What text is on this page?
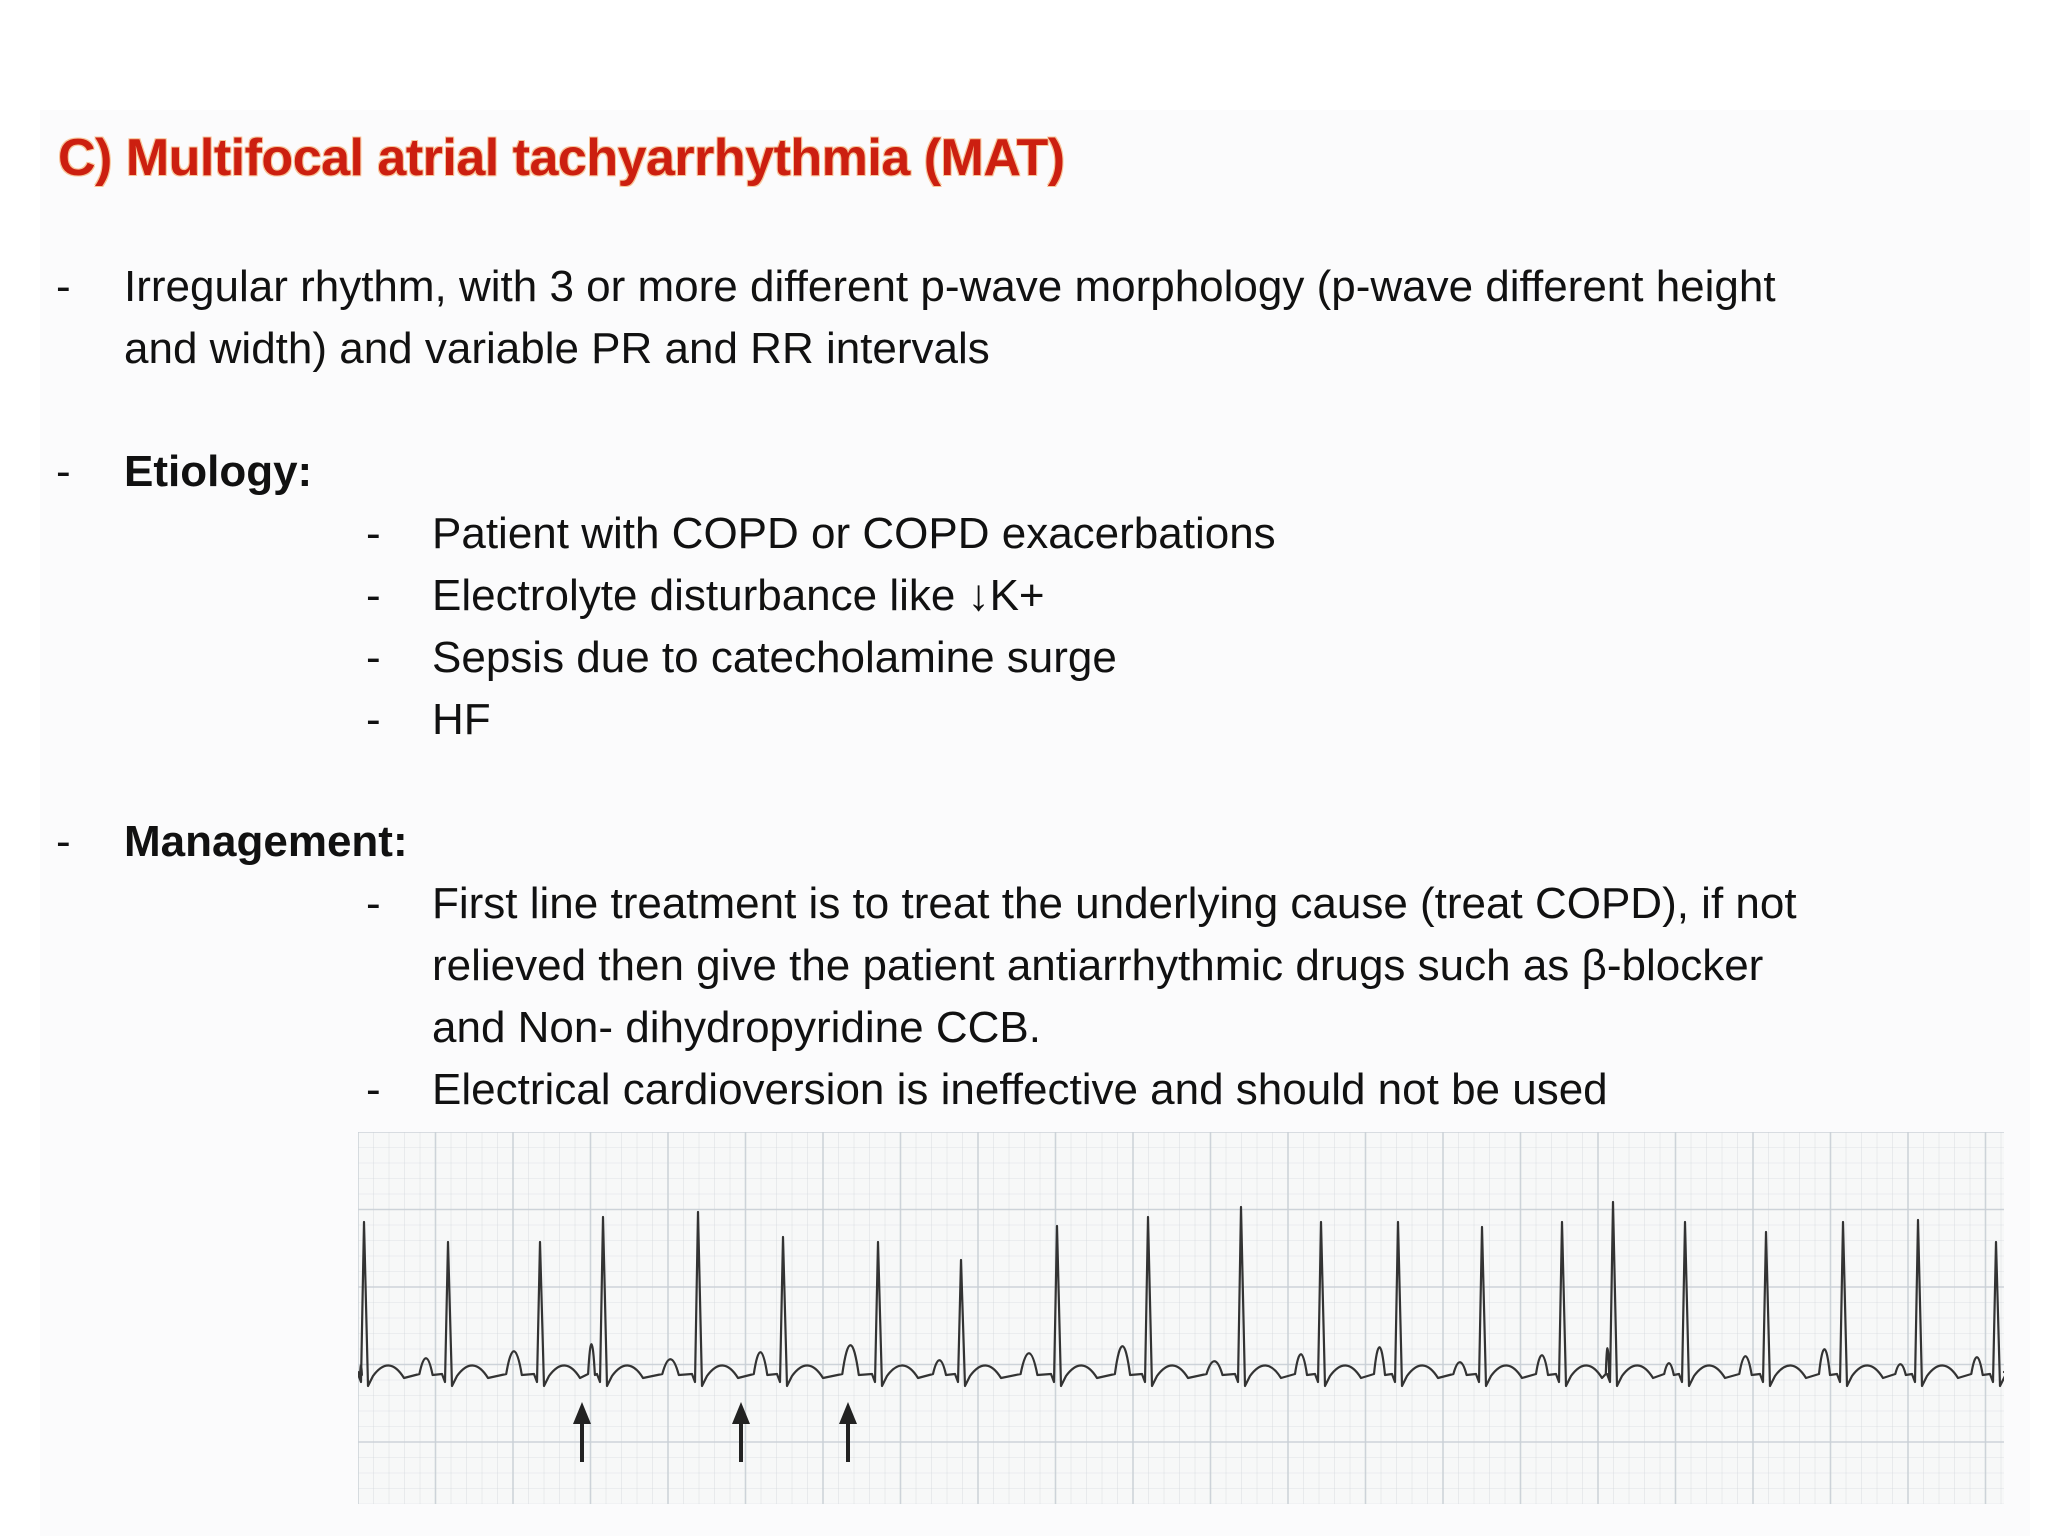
C) Multifocal atrial tachyarrhythmia (MAT)
- Irregular rhythm, with 3 or more different p-wave morphology (p-wave different height
and width) and variable PR and RR intervals
- Etiology:
- Patient with COPD or COPD exacerbations
- Electrolyte disturbance like ↓K+
- Sepsis due to catecholamine surge
- HF
- Management:
- First line treatment is to treat the underlying cause (treat COPD), if not
relieved then give the patient antiarrhythmic drugs such as β-blocker
and Non- dihydropyridine CCB.
- Electrical cardioversion is ineffective and should not be used
